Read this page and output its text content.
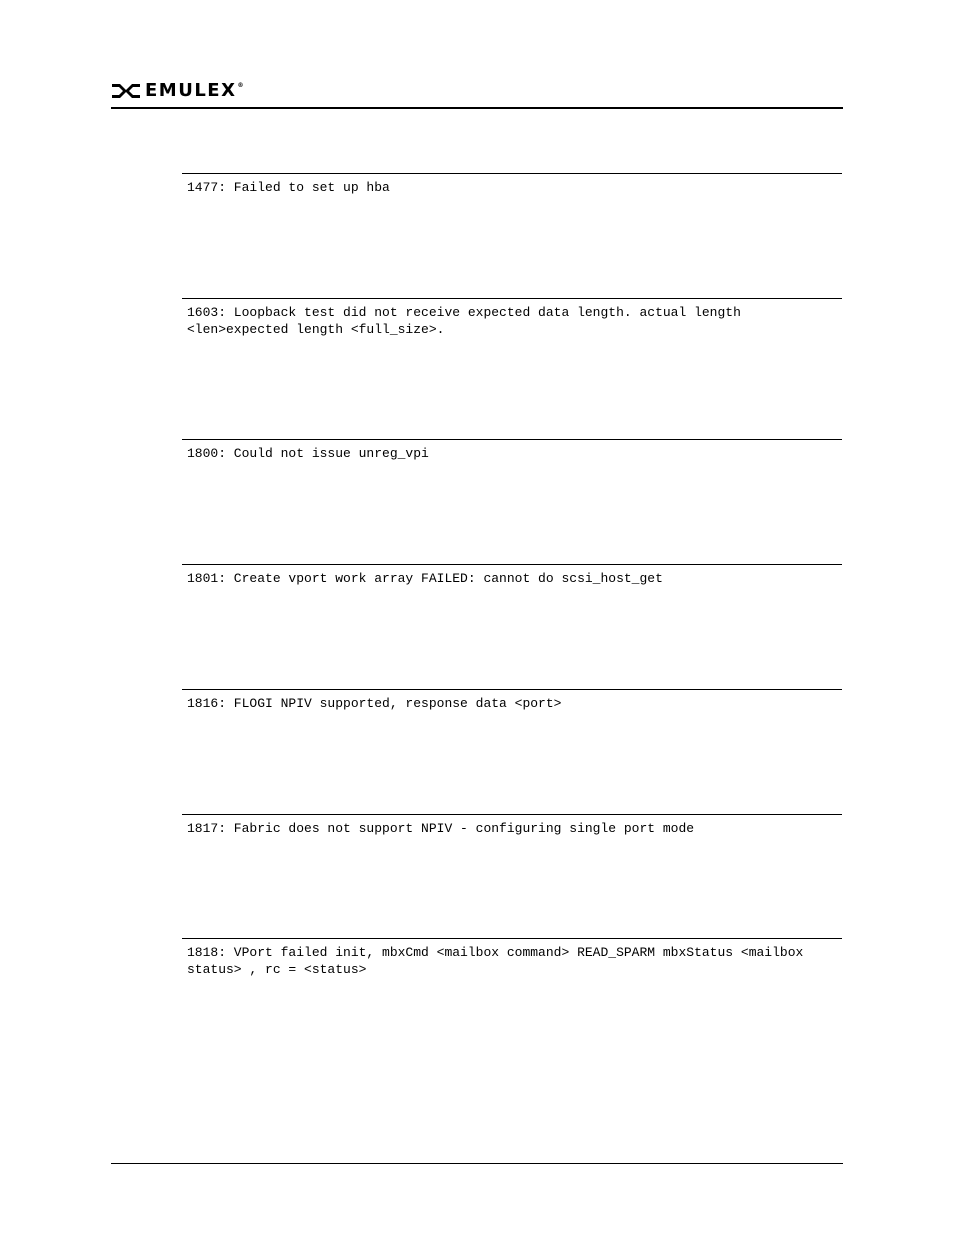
EMULEX®

1477: Failed to set up hba

1603: Loopback test did not receive expected data length. actual length <len>expected length <full_size>.

1800: Could not issue unreg_vpi

1801: Create vport work array FAILED: cannot do scsi_host_get

1816: FLOGI NPIV supported, response data <port>

1817: Fabric does not support NPIV - configuring single port mode

1818: VPort failed init, mbxCmd <mailbox command> READ_SPARM mbxStatus <mailbox status> , rc = <status>
